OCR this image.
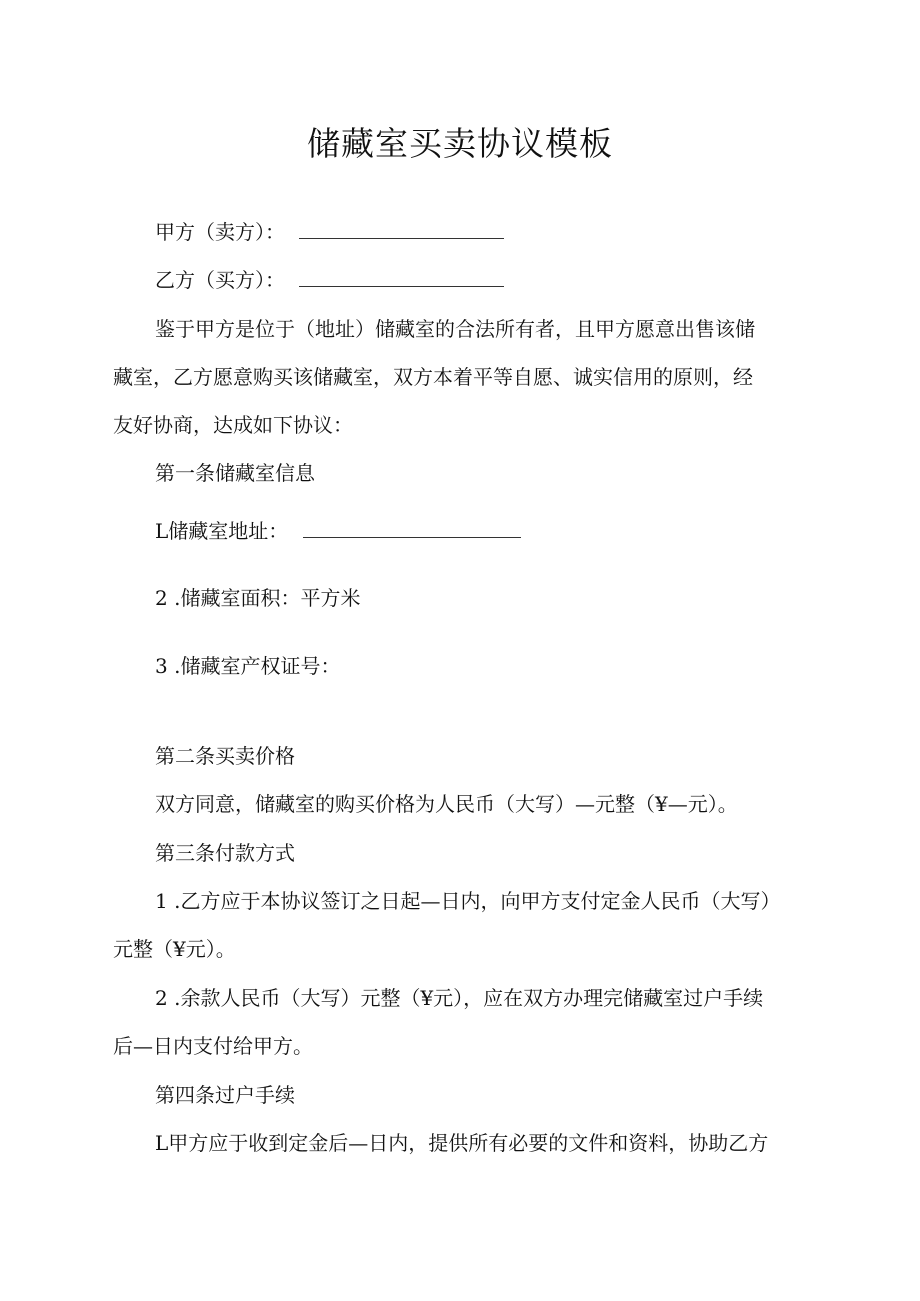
储藏室买卖协议模板
甲方（卖方）：
乙方（买方）：
鉴于甲方是位于（地址）储藏室的合法所有者，且甲方愿意出售该储
藏室，乙方愿意购买该储藏室，双方本着平等自愿、诚实信用的原则，经
友好协商，达成如下协议：
第一条储藏室信息
L储藏室地址：
2 .储藏室面积：平方米
3 .储藏室产权证号：
第二条买卖价格
双方同意，储藏室的购买价格为人民币（大写）—元整（¥—元）。
第三条付款方式
1 .乙方应于本协议签订之日起—日内，向甲方支付定金人民币（大写）
元整（¥元）。
2 .余款人民币（大写）元整（¥元），应在双方办理完储藏室过户手续
后—日内支付给甲方。
第四条过户手续
L甲方应于收到定金后—日内，提供所有必要的文件和资料，协助乙方
